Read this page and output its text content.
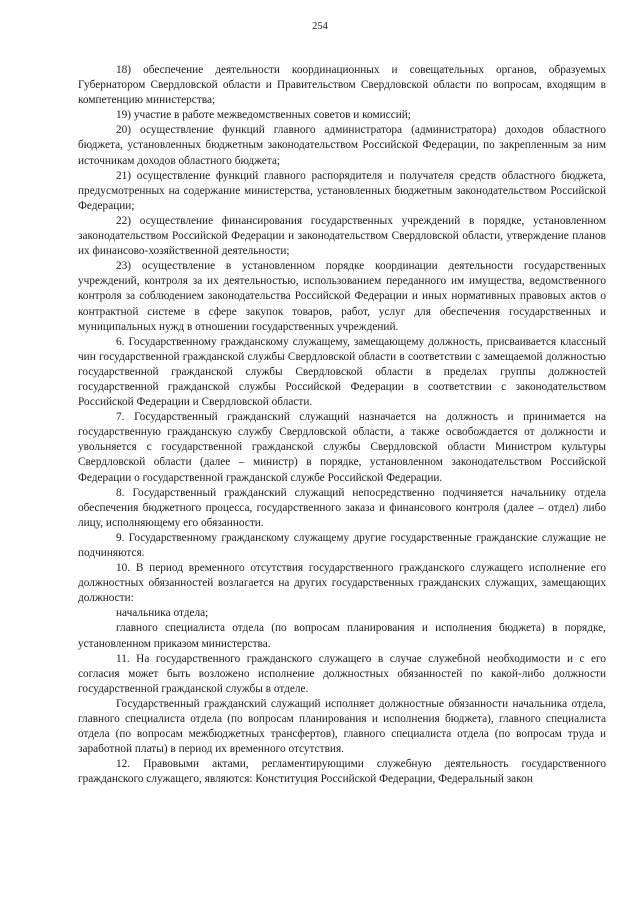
254

18) обеспечение деятельности координационных и совещательных органов, образуемых Губернатором Свердловской области и Правительством Свердловской области по вопросам, входящим в компетенцию министерства;

19) участие в работе межведомственных советов и комиссий;

20) осуществление функций главного администратора (администратора) доходов областного бюджета, установленных бюджетным законодательством Российской Федерации, по закрепленным за ним источникам доходов областного бюджета;

21) осуществление функций главного распорядителя и получателя средств областного бюджета, предусмотренных на содержание министерства, установленных бюджетным законодательством Российской Федерации;

22) осуществление финансирования государственных учреждений в порядке, установленном законодательством Российской Федерации и законодательством Свердловской области, утверждение планов их финансово-хозяйственной деятельности;

23) осуществление в установленном порядке координации деятельности государственных учреждений, контроля за их деятельностью, использованием переданного им имущества, ведомственного контроля за соблюдением законодательства Российской Федерации и иных нормативных правовых актов о контрактной системе в сфере закупок товаров, работ, услуг для обеспечения государственных и муниципальных нужд в отношении государственных учреждений.

6. Государственному гражданскому служащему, замещающему должность, присваивается классный чин государственной гражданской службы Свердловской области в соответствии с замещаемой должностью государственной гражданской службы Свердловской области в пределах группы должностей государственной гражданской службы Российской Федерации в соответствии с законодательством Российской Федерации и Свердловской области.

7. Государственный гражданский служащий назначается на должность и принимается на государственную гражданскую службу Свердловской области, а также освобождается от должности и увольняется с государственной гражданской службы Свердловской области Министром культуры Свердловской области (далее – министр) в порядке, установленном законодательством Российской Федерации о государственной гражданской службе Российской Федерации.

8. Государственный гражданский служащий непосредственно подчиняется начальнику отдела обеспечения бюджетного процесса, государственного заказа и финансового контроля (далее – отдел) либо лицу, исполняющему его обязанности.

9. Государственному гражданскому служащему другие государственные гражданские служащие не подчиняются.

10. В период временного отсутствия государственного гражданского служащего исполнение его должностных обязанностей возлагается на других государственных гражданских служащих, замещающих должности:

начальника отдела;

главного специалиста отдела (по вопросам планирования и исполнения бюджета) в порядке, установленном приказом министерства.

11. На государственного гражданского служащего в случае служебной необходимости и с его согласия может быть возложено исполнение должностных обязанностей по какой-либо должности государственной гражданской службы в отделе.

Государственный гражданский служащий исполняет должностные обязанности начальника отдела, главного специалиста отдела (по вопросам планирования и исполнения бюджета), главного специалиста отдела (по вопросам межбюджетных трансфертов), главного специалиста отдела (по вопросам труда и заработной платы) в период их временного отсутствия.

12. Правовыми актами, регламентирующими служебную деятельность государственного гражданского служащего, являются: Конституция Российской Федерации, Федеральный закон
